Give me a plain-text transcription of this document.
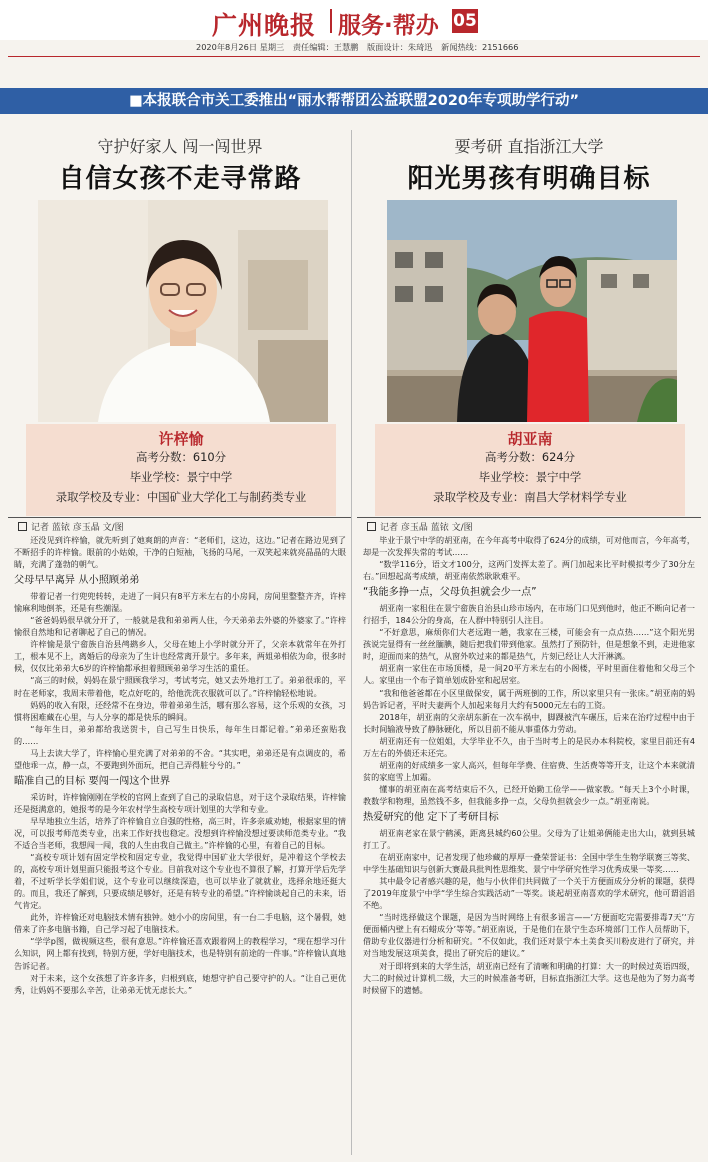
广州晚报 服务·帮办 05
2020年8月26日 星期三 责任编辑：王慧鹏 版面设计：朱琦迅 新闻热线：2151666
■本报联合市关工委推出“丽水帮帮团公益联盟2020年专项助学行动”
守护好家人 闯一闯世界
自信女孩不走寻常路
许梓愉
高考分数：610分
毕业学校：景宁中学
录取学校及专业：中国矿业大学化工与制药类专业
记者 蓝铱 彦玉晶 文/图

还没见到许梓愉，就先听到了她爽朗的声音：“老师们，这边，这边。”记者在路边见到了不断招手的许梓愉。眼前的小姑娘，干净的白短袖，飞扬的马尾，一双笑起来就亮晶晶的大眼睛，充满了蓬勃的朝气。

父母早早离异 从小照顾弟弟

带着记者一行兜兜转转，走进了一间只有8平方米左右的小房间，房间里整整齐齐，许梓愉麻利地倒茶，还是有些潮湿。

“爸爸妈妈很早就分开了，一般就是我和弟弟两人住，今天弟弟去外婆的外婆家了。”许梓愉很自然地和记者聊起了自己的情况。

许梓愉是景宁畲族自治县鸬鹚乡人，父母在她上小学时就分开了，父亲本就常年在外打工，根本见不上，离婚后的母亲为了生计也经常离开景宁。多年来，两姐弟相依为命，很多时候，仅仅比弟弟大6岁的许梓愉都承担着照顾弟弟学习生活的重任。

“高三的时候，妈妈在景宁照顾我学习，考试考完，她又去外地打工了。弟弟很乖的，平时在老师家，我周末带着他，吃点好吃的，给他洗洗衣服就可以了。”许梓愉轻松地说。

妈妈的收入有限，还经常不在身边，带着弟弟生活，哪有那么容易，这个乐观的女孩，习惯将困难藏在心里，与人分享的都是快乐的瞬间。

“每年生日，弟弟都给我送贺卡，自己写生日快乐，每年生日都记着。”弟弟还蛮贴我的……

马上去读大学了，许梓愉心里充满了对弟弟的不舍。“其实吧，弟弟还是有点调皮的，希望他乖一点，静一点，不要跑到外面玩，把自己弄得脏兮兮的。”

瞄准自己的目标 要闯一闯这个世界

采访时，许梓愉刚刚在学校的官网上查到了自己的录取信息，对于这个录取结果，许梓愉还是挺满意的，她报考的是今年农村学生高校专项计划里的大学和专业。

早早地独立生活，培养了许梓愉自立自强的性格，高三时，许多亲戚劝她，根据家里的情况，可以报考师范类专业，出来工作好找也稳定。没想到许梓愉没想过要读师范类专业。“我不适合当老师，我想闯一闯，我的人生由我自己做主。”许梓愉的心里，有着自己的目标。

“高校专项计划有固定学校和固定专业，我觉得中国矿业大学很好，是冲着这个学校去的，高校专项计划里面只能报考这个专业。目前我对这个专业也不算很了解，打算开学后先学着，不过听学长学姐们说，这个专业可以继续深造，也可以毕业了就就业，选择余地还挺大的。而且，我还了解到，只要成绩足够好，还是有转专业的希望。”许梓愉谈起自己的未来，语气肯定。

此外，许梓愉还对电脑技术情有独钟。她小小的房间里，有一台二手电脑，这个暑假，她借来了许多电脑书籍，自己学习起了电脑技术。

“学学p图，做视频这些，很有意思。”许梓愉还喜欢跟着网上的教程学习，“现在想学习什么知识，网上都有找到，特别方便，学好电脑技术，也是特别有前途的一件事。”许梓愉认真地告诉记者。

对于未来，这个女孩想了许多许多，归根到底，她想守护自己要守护的人。“让自己更优秀，让妈妈不要那么辛苦，让弟弟无忧无虑长大。”

要考研 直指浙江大学
阳光男孩有明确目标
胡亚南
高考分数：624分
毕业学校：景宁中学
录取学校及专业：南昌大学材料学专业
记者 彦玉晶 蓝铱 文/图

毕业于景宁中学的胡亚南，在今年高考中取得了624分的成绩，可对他而言，今年高考，却是一次发挥失常的考试……

“数学116分，语文才100分，这两门发挥太差了。两门加起来比平时模拟考少了30分左右。”回想起高考成绩，胡亚南依然耿耿难平。

“我能多挣一点，父母负担就会少一点”

胡亚南一家租住在景宁畲族自治县山珍市场内，在市场门口见到他时，他正不断向记者一行招手，184公分的身高，在人群中特别引人注目。

“不好意思，麻烦你们大老远跑一趟，我家在三楼，可能会有一点点热……”这个阳光男孩说完显得有一丝丝腼腆，随后把我们带到他家。虽然打了预防针，但是想象不到，走进他家时，迎面而来的热气，从窗外吹过来的都是热气，片刻已经让人大汗淋漓。

胡亚南一家住在市场顶楼，是一间20平方米左右的小阁楼，平时里面住着他和父母三个人。家里由一个布子简单划成卧室和起居室。

“我和他爸爸都在小区里做保安，属于两班倒的工作，所以家里只有一张床。”胡亚南的妈妈告诉记者，平时夫妻两个人加起来每月大约有5000元左右的工资。

2018年，胡亚南的父亲胡东新在一次车祸中，脚踝被汽车碾压，后来在治疗过程中由于长时间输液导致了静脉硬化，所以目前不能从事重体力劳动。

胡亚南还有一位姐姐，大学毕业不久，由于当时考上的是民办本科院校，家里目前还有4万左右的外债还未还完。

胡亚南的好成绩多一家人高兴，但每年学费、住宿费、生活费等等开支，让这个本来就清贫的家庭雪上加霜。

懂事的胡亚南在高考结束后不久，已经开始勤工俭学——做家教。“每天上3个小时课，教数学和物理，虽然钱不多，但我能多挣一点，父母负担就会少一点。”胡亚南说。

热爱研究的他 定下了考研目标

胡亚南老家在景宁鹤溪，距离县城约60公里。父母为了让姐弟俩能走出大山，就到县城打工了。

在胡亚南家中，记者发现了他珍藏的厚厚一叠荣誉证书：全国中学生生物学联赛三等奖、中学生基础知识与创新大赛最具批判性思维奖、景宁中学研究性学习优秀成果一等奖……

其中最令记者感兴趣的是，他与小伙伴们共同做了一个关于方便面成分分析的课题，获得了2019年度景宁中学“学生综合实践活动”一等奖。谈起胡亚南喜欢的学术研究，他可谓滔滔不绝。

“当时选择做这个课题，是因为当时网络上有很多谣言——‘方便面吃完需要排毒7天’‘方便面桶内壁上有石蜡成分’等等。”胡亚南说，于是他们在景宁生态环境部门工作人员帮助下，借助专业仪器进行分析和研究。“不仅如此，我们还对景宁本土美食买川粉皮进行了研究，并对当地发展这项美食，提出了研究后的建议。”

对于即将到来的大学生活，胡亚南已经有了清晰和明确的打算：大一的时候过英语四级，大二的时候过计算机二级，大三的时候准备考研，目标直指浙江大学。这也是他为了努力高考时候留下的遗憾。
